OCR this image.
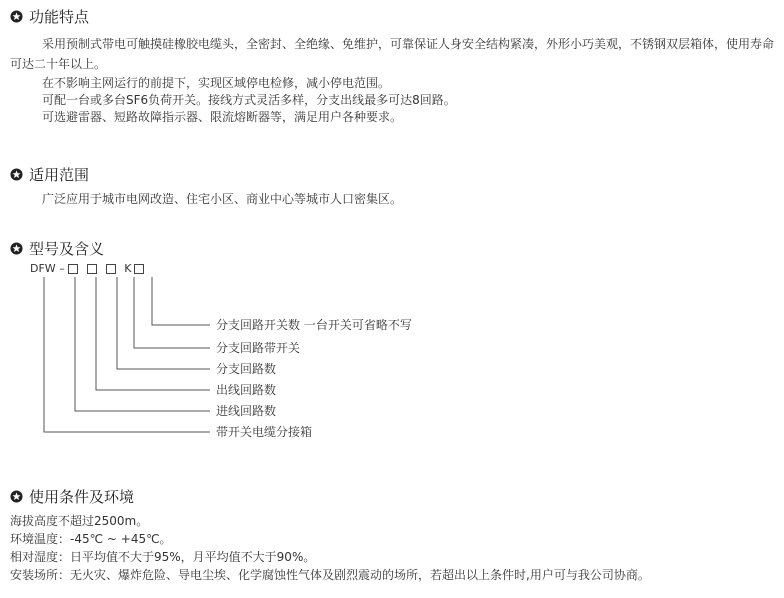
功能特点
采用预制式带电可触摸硅橡胶电缆头，全密封、全绝缘、免维护，可靠保证人身安全结构紧凑，外形小巧美观，不锈钢双层箱体，使用寿命可达二十年以上。
在不影响主网运行的前提下，实现区域停电检修，减小停电范围。
可配一台或多台SF6负荷开关。接线方式灵活多样，分支出线最多可达8回路。
可选避雷器、短路故障指示器、限流熔断器等，满足用户各种要求。
适用范围
广泛应用于城市电网改造、住宅小区、商业中心等城市人口密集区。
型号及含义
DFW –	K
分支回路开关数 一台开关可省略不写
分支回路带开关
分支回路数
出线回路数
进线回路数
带开关电缆分接箱
使用条件及环境
海拔高度不超过2500m。
环境温度：-45℃ ~ +45℃。
相对湿度：日平均值不大于95%，月平均值不大于90%。
安装场所：无火灾、爆炸危险、导电尘埃、化学腐蚀性气体及剧烈震动的场所，若超出以上条件时,用户可与我公司协商。
